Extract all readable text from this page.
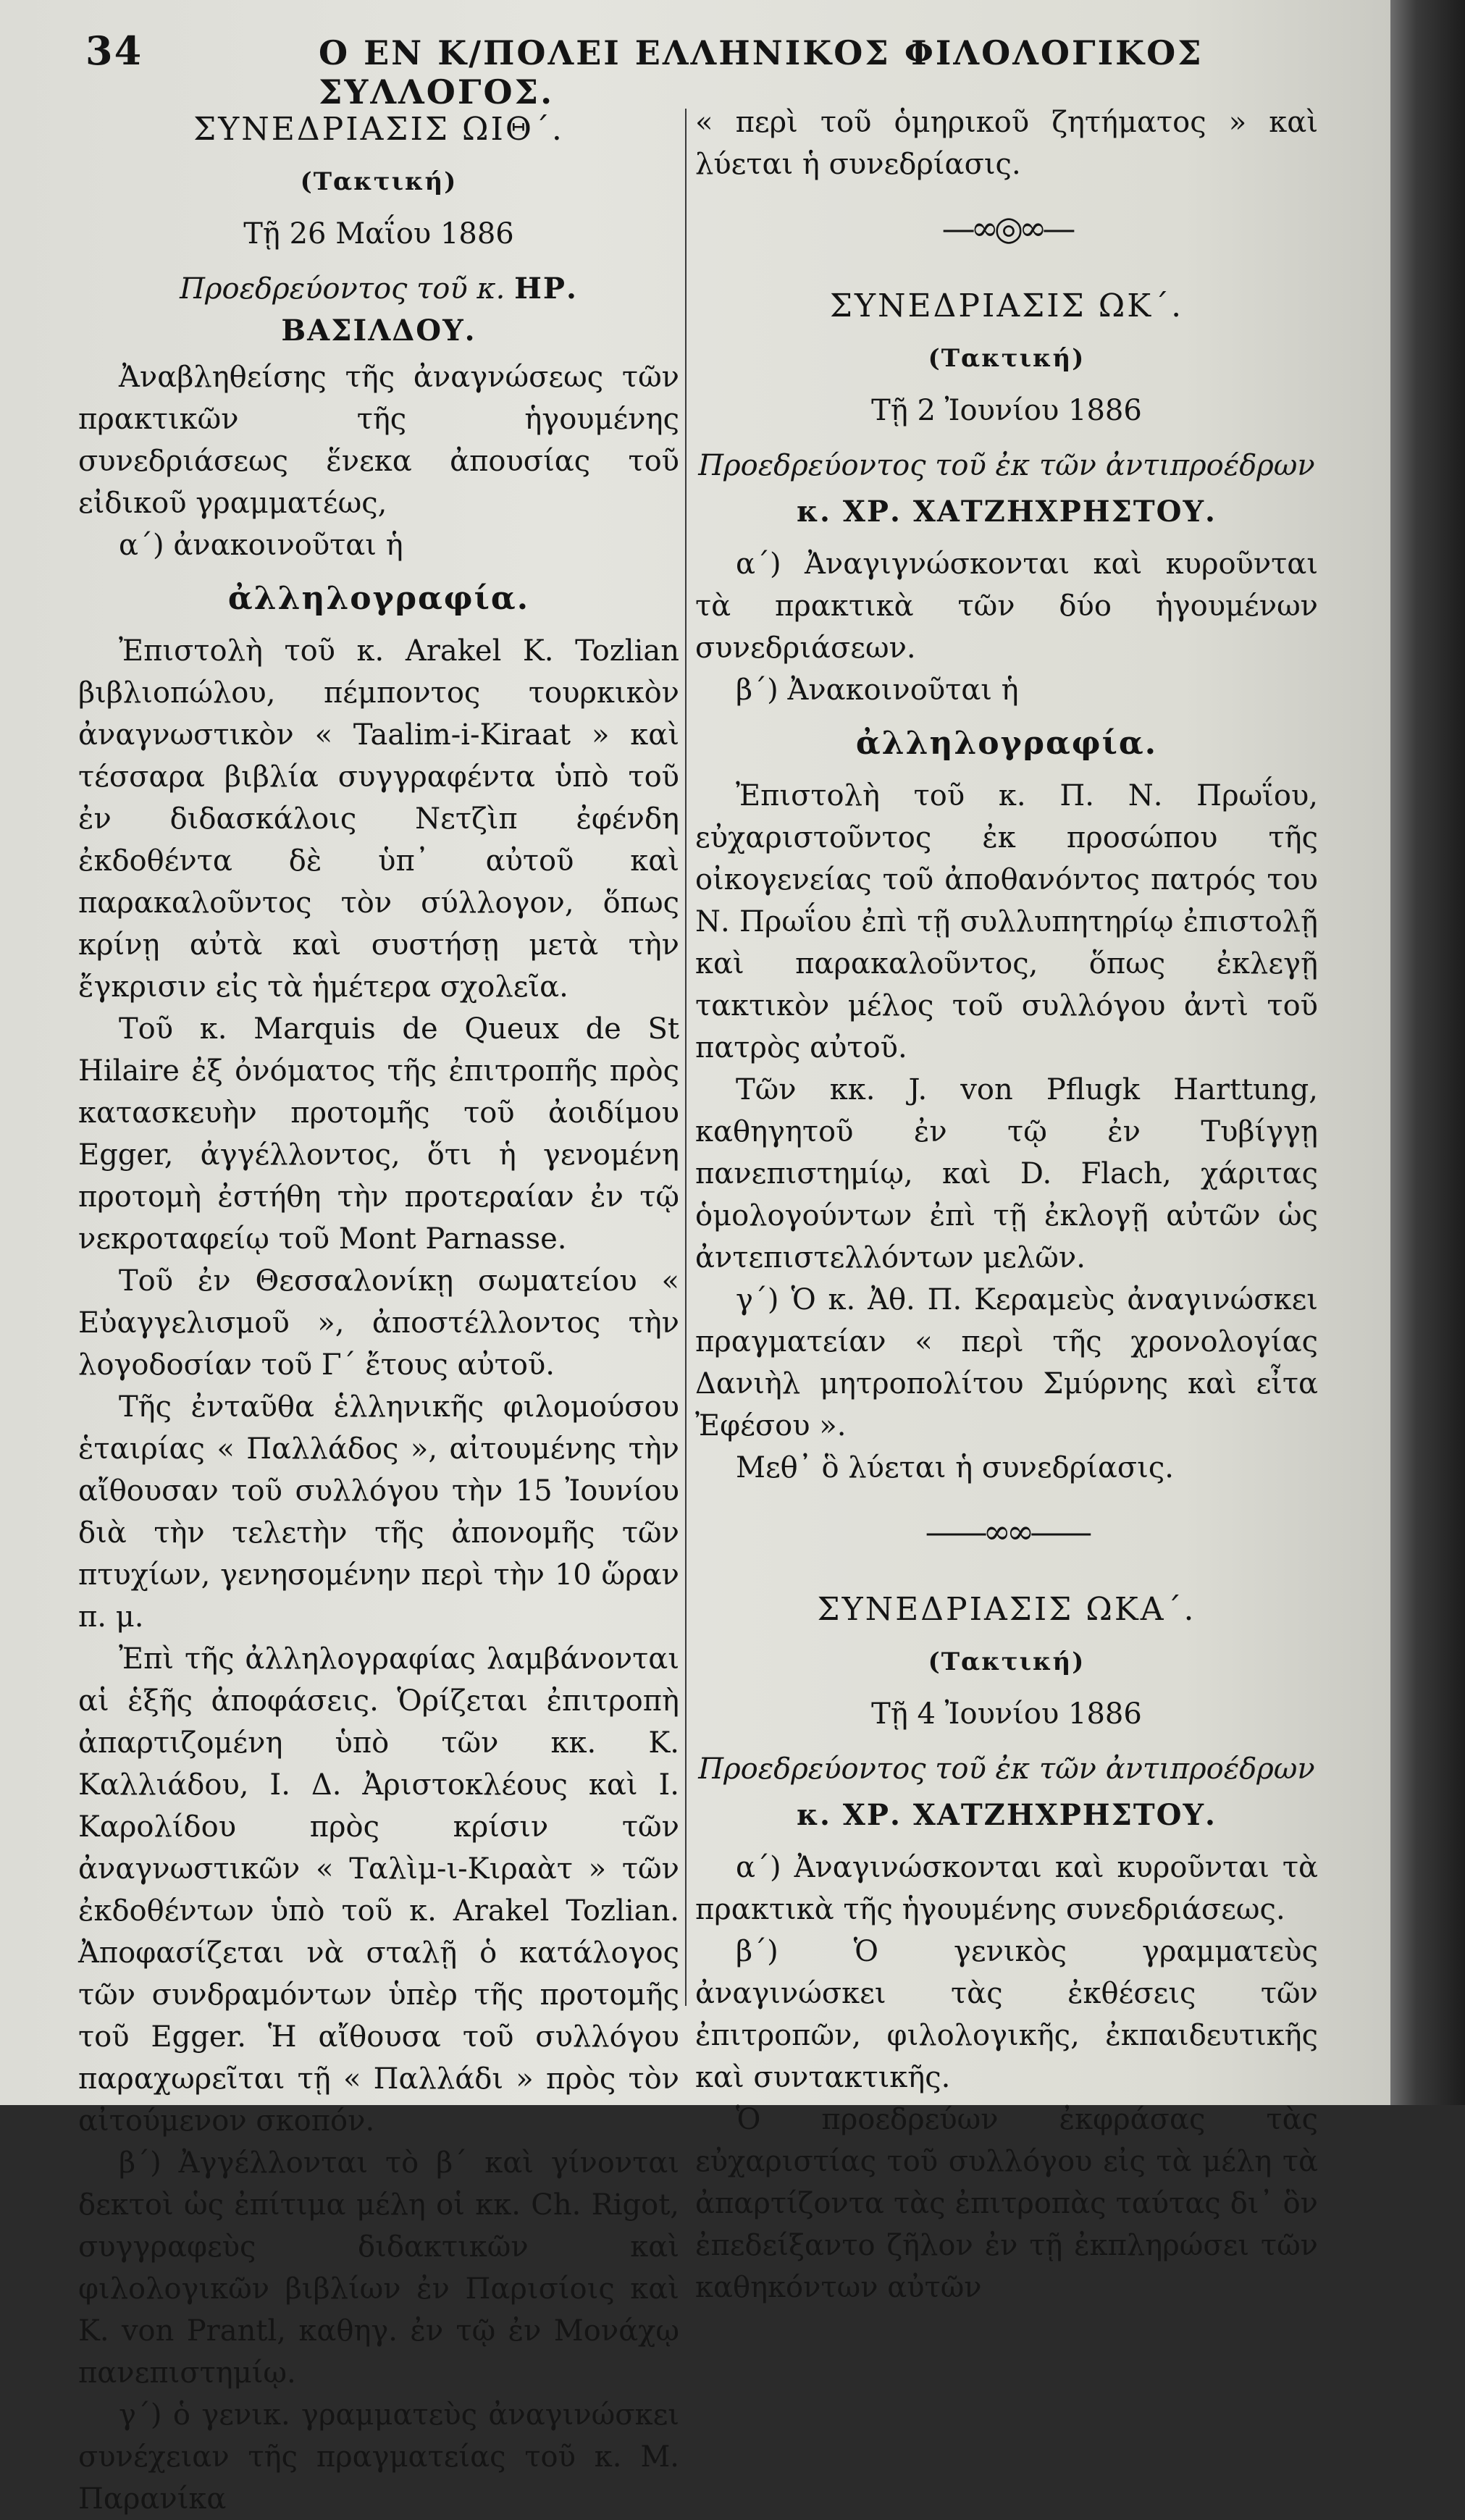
34	Ο ΕΝ Κ/ΠΟΛΕΙ ΕΛΛΗΝΙΚΟΣ ΦΙΛΟΛΟΓΙΚΟΣ ΣΥΛΛΟΓΟΣ.
ΣΥΝΕΔΡΙΑΣΙΣ ΩΙΘ΄.
(Τακτική)
Τῇ 26 Μαΐου 1886
Προεδρεύοντος τοῦ κ. ΗΡ. ΒΑΣΙΛΔΟΥ.

Ἀναβληθείσης τῆς ἀναγνώσεως τῶν πρακτικῶν τῆς ἡγουμένης συνεδριάσεως ἕνεκα ἀπουσίας τοῦ εἰδικοῦ γραμματέως,

α΄) ἀνακοινοῦται ἡ

ἀλληλογραφία.

Ἐπιστολὴ τοῦ κ. Arakel K. Tozlian βιβλιοπώλου, πέμποντος τουρκικὸν ἀναγνωστικὸν « Taalim-i-Kiraat » καὶ τέσσαρα βιβλία συγγραφέντα ὑπὸ τοῦ ἐν διδασκάλοις Νετζὶπ ἐφένδη ἐκδοθέντα δὲ ὑπ᾿ αὐτοῦ καὶ παρακαλοῦντος τὸν σύλλογον, ὅπως κρίνῃ αὐτὰ καὶ συστήσῃ μετὰ τὴν ἔγκρισιν εἰς τὰ ἡμέτερα σχολεῖα.

Τοῦ κ. Marquis de Queux de St Hilaire ἐξ ὀνόματος τῆς ἐπιτροπῆς πρὸς κατασκευὴν προτομῆς τοῦ ἀοιδίμου Egger, ἀγγέλλοντος, ὅτι ἡ γενομένη προτομὴ ἐστήθη τὴν προτεραίαν ἐν τῷ νεκροταφείῳ τοῦ Mont Parnasse.

Τοῦ ἐν Θεσσαλονίκῃ σωματείου « Εὐαγγελισμοῦ », ἀποστέλλοντος τὴν λογοδοσίαν τοῦ Γ΄ ἔτους αὐτοῦ.

Τῆς ἐνταῦθα ἑλληνικῆς φιλομούσου ἑταιρίας « Παλλάδος », αἰτουμένης τὴν αἴθουσαν τοῦ συλλόγου τὴν 15 Ἰουνίου διὰ τὴν τελετὴν τῆς ἀπονομῆς τῶν πτυχίων, γενησομένην περὶ τὴν 10 ὥραν π. μ.

Ἐπὶ τῆς ἀλληλογραφίας λαμβάνονται αἱ ἑξῆς ἀποφάσεις. Ὁρίζεται ἐπιτροπὴ ἀπαρτιζομένη ὑπὸ τῶν κκ. Κ. Καλλιάδου, Ι. Δ. Ἀριστοκλέους καὶ Ι. Καρολίδου πρὸς κρίσιν τῶν ἀναγνωστικῶν « Ταλὶμ-ι-Κιραὰτ » τῶν ἐκδοθέντων ὑπὸ τοῦ κ. Arakel Tozlian. Ἀποφασίζεται νὰ σταλῇ ὁ κατάλογος τῶν συνδραμόντων ὑπὲρ τῆς προτομῆς τοῦ Egger. Ἡ αἴθουσα τοῦ συλλόγου παραχωρεῖται τῇ « Παλλάδι » πρὸς τὸν αἰτούμενον σκοπόν.

β΄) Ἀγγέλλονται τὸ β΄ καὶ γίνονται δεκτοὶ ὡς ἐπίτιμα μέλη οἱ κκ. Ch. Rigot, συγγραφεὺς διδακτικῶν καὶ φιλολογικῶν βιβλίων ἐν Παρισίοις καὶ K. von Prantl, καθηγ. ἐν τῷ ἐν Μονάχῳ πανεπιστημίῳ.

γ΄) ὁ γενικ. γραμματεὺς ἀναγινώσκει συνέχειαν τῆς πραγματείας τοῦ κ. Μ. Παρανίκα

« περὶ τοῦ ὁμηρικοῦ ζητήματος » καὶ λύεται ἡ συνεδρίασις.

—∞◎∞—
ΣΥΝΕΔΡΙΑΣΙΣ ΩΚ΄.
(Τακτική)
Τῇ 2 Ἰουνίου 1886
Προεδρεύοντος τοῦ ἐκ τῶν ἀντιπροέδρων
κ. ΧΡ. ΧΑΤΖΗΧΡΗΣΤΟΥ.

α΄) Ἀναγιγνώσκονται καὶ κυροῦνται τὰ πρακτικὰ τῶν δύο ἡγουμένων συνεδριάσεων.

β΄) Ἀνακοινοῦται ἡ

ἀλληλογραφία.

Ἐπιστολὴ τοῦ κ. Π. Ν. Πρωΐου, εὐχαριστοῦντος ἐκ προσώπου τῆς οἰκογενείας τοῦ ἀποθανόντος πατρός του Ν. Πρωΐου ἐπὶ τῇ συλλυπητηρίῳ ἐπιστολῇ καὶ παρακαλοῦντος, ὅπως ἐκλεγῇ τακτικὸν μέλος τοῦ συλλόγου ἀντὶ τοῦ πατρὸς αὐτοῦ.

Τῶν κκ. J. von Pflugk Harttung, καθηγητοῦ ἐν τῷ ἐν Τυβίγγῃ πανεπιστημίῳ, καὶ D. Flach, χάριτας ὁμολογούντων ἐπὶ τῇ ἐκλογῇ αὐτῶν ὡς ἀντεπιστελλόντων μελῶν.

γ΄) Ὁ κ. Ἀθ. Π. Κεραμεὺς ἀναγινώσκει πραγματείαν « περὶ τῆς χρονολογίας Δανιὴλ μητροπολίτου Σμύρνης καὶ εἶτα Ἐφέσου ».

Μεθ᾿ ὃ λύεται ἡ συνεδρίασις.

——∞∞——
ΣΥΝΕΔΡΙΑΣΙΣ ΩΚΑ΄.
(Τακτική)
Τῇ 4 Ἰουνίου 1886
Προεδρεύοντος τοῦ ἐκ τῶν ἀντιπροέδρων
κ. ΧΡ. ΧΑΤΖΗΧΡΗΣΤΟΥ.

α΄) Ἀναγινώσκονται καὶ κυροῦνται τὰ πρακτικὰ τῆς ἡγουμένης συνεδριάσεως.

β΄) Ὁ γενικὸς γραμματεὺς ἀναγινώσκει τὰς ἐκθέσεις τῶν ἐπιτροπῶν, φιλολογικῆς, ἐκπαιδευτικῆς καὶ συντακτικῆς.

Ὁ προεδρεύων ἐκφράσας τὰς εὐχαριστίας τοῦ συλλόγου εἰς τὰ μέλη τὰ ἀπαρτίζοντα τὰς ἐπιτροπὰς ταύτας δι᾿ ὃν ἐπεδείξαντο ζῆλον ἐν τῇ ἐκπληρώσει τῶν καθηκόντων αὐτῶν
